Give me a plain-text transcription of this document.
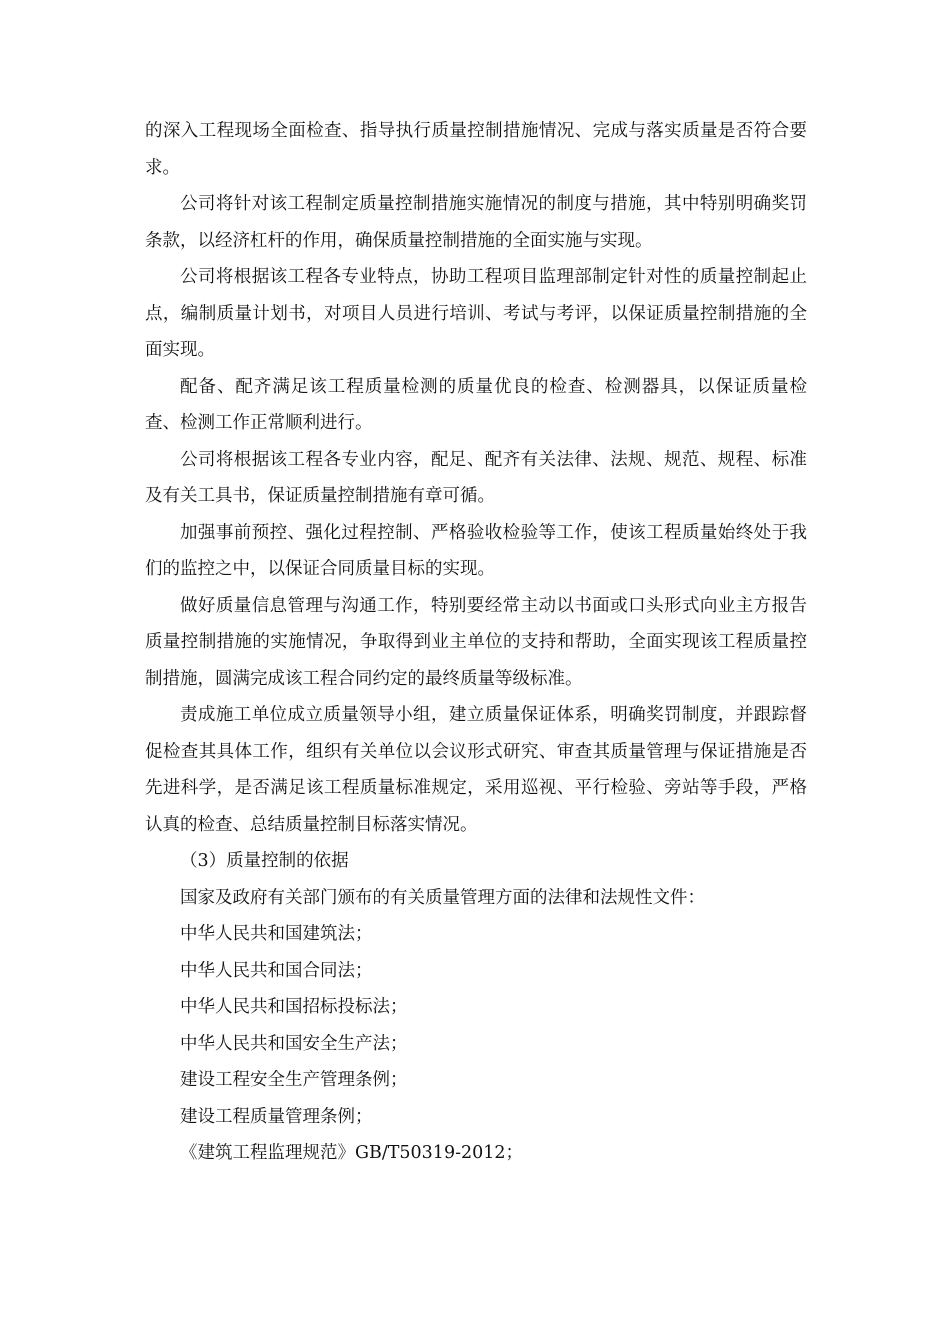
的深入工程现场全面检查、指导执行质量控制措施情况、完成与落实质量是否符合要求。

公司将针对该工程制定质量控制措施实施情况的制度与措施，其中特别明确奖罚条款，以经济杠杆的作用，确保质量控制措施的全面实施与实现。

公司将根据该工程各专业特点，协助工程项目监理部制定针对性的质量控制起止点，编制质量计划书，对项目人员进行培训、考试与考评，以保证质量控制措施的全面实现。

配备、配齐满足该工程质量检测的质量优良的检查、检测器具，以保证质量检查、检测工作正常顺利进行。

公司将根据该工程各专业内容，配足、配齐有关法律、法规、规范、规程、标准及有关工具书，保证质量控制措施有章可循。

加强事前预控、强化过程控制、严格验收检验等工作，使该工程质量始终处于我们的监控之中，以保证合同质量目标的实现。

做好质量信息管理与沟通工作，特别要经常主动以书面或口头形式向业主方报告质量控制措施的实施情况，争取得到业主单位的支持和帮助，全面实现该工程质量控制措施，圆满完成该工程合同约定的最终质量等级标准。

责成施工单位成立质量领导小组，建立质量保证体系，明确奖罚制度，并跟踪督促检查其具体工作，组织有关单位以会议形式研究、审查其质量管理与保证措施是否先进科学，是否满足该工程质量标准规定，采用巡视、平行检验、旁站等手段，严格认真的检查、总结质量控制目标落实情况。

（3）质量控制的依据

国家及政府有关部门颁布的有关质量管理方面的法律和法规性文件：

中华人民共和国建筑法；

中华人民共和国合同法；

中华人民共和国招标投标法；

中华人民共和国安全生产法；

建设工程安全生产管理条例；

建设工程质量管理条例；

《建筑工程监理规范》GB/T50319-2012；
